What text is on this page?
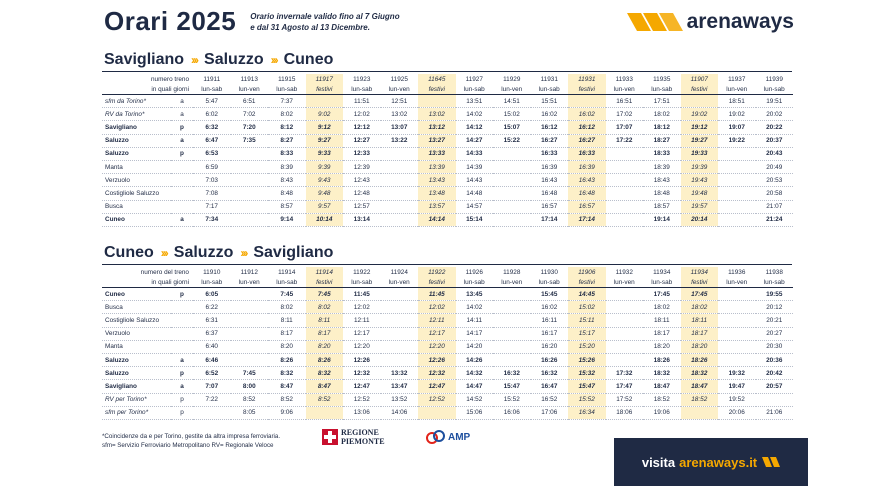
Orari 2025 Orario invernale valido fino al 7 Giugno
e dal 31 Agosto al 13 Dicembre.	arenaways
Savigliano ››› Saluzzo ››› Cuneo
numero treno		11911	11913	11915	11917	11923	11925	11645	11927	11929	11931	11931	11933	11935	11907	11937	11939
in quali giorni		lun-sab	lun-ven	lun-sab	festivi	lun-sab	lun-ven	festivi	lun-sab	lun-ven	lun-sab	festivi	lun-ven	lun-sab	festivi	lun-ven	lun-sab
sfm da Torino*	a	5:47	6:51	7:37		11:51	12:51		13:51	14:51	15:51		16:51	17:51		18:51	19:51
RV da Torino*	a	6:02	7:02	8:02	9:02	12:02	13:02	13:02	14:02	15:02	16:02	16:02	17:02	18:02	19:02	19:02	20:02
Savigliano	p	6:32	7:20	8:12	9:12	12:12	13:07	13:12	14:12	15:07	16:12	16:12	17:07	18:12	19:12	19:07	20:22
Saluzzo	a	6:47	7:35	8:27	9:27	12:27	13:22	13:27	14:27	15:22	16:27	16:27	17:22	18:27	19:27	19:22	20:37
Saluzzo	p	6:53		8:33	9:33	12:33		13:33	14:33		16:33	16:33		18:33	19:33		20:43
Manta		6:59		8:39	9:39	12:39		13:39	14:39		16:39	16:39		18:39	19:39		20:49
Verzuolo		7:03		8:43	9:43	12:43		13:43	14:43		16:43	16:43		18:43	19:43		20:53
Costigliole Saluzzo		7:08		8:48	9:48	12:48		13:48	14:48		16:48	16:48		18:48	19:48		20:58
Busca		7:17		8:57	9:57	12:57		13:57	14:57		16:57	16:57		18:57	19:57		21:07
Cuneo	a	7:34		9:14	10:14	13:14		14:14	15:14		17:14	17:14		19:14	20:14		21:24
Cuneo ››› Saluzzo ››› Savigliano
numero del treno		11910	11912	11914	11914	11922	11924	11922	11926	11928	11930	11906	11932	11934	11934	11936	11938
in quali giorni		lun-sab	lun-ven	lun-sab	festivi	lun-sab	lun-ven	festivi	lun-sab	lun-ven	lun-sab	festivi	lun-ven	lun-sab	festivi	lun-ven	lun-sab
Cuneo	p	6:05		7:45	7:45	11:45		11:45	13:45		15:45	14:45		17:45	17:45		19:55
Busca		6:22		8:02	8:02	12:02		12:02	14:02		16:02	15:02		18:02	18:02		20:12
Costigliole Saluzzo		6:31		8:11	8:11	12:11		12:11	14:11		16:11	15:11		18:11	18:11		20:21
Verzuolo		6:37		8:17	8:17	12:17		12:17	14:17		16:17	15:17		18:17	18:17		20:27
Manta		6:40		8:20	8:20	12:20		12:20	14:20		16:20	15:20		18:20	18:20		20:30
Saluzzo	a	6:46		8:26	8:26	12:26		12:26	14:26		16:26	15:26		18:26	18:26		20:36
Saluzzo	p	6:52	7:45	8:32	8:32	12:32	13:32	12:32	14:32	16:32	16:32	15:32	17:32	18:32	18:32	19:32	20:42
Savigliano	a	7:07	8:00	8:47	8:47	12:47	13:47	12:47	14:47	15:47	16:47	15:47	17:47	18:47	18:47	19:47	20:57
RV per Torino*	p	7:22	8:52	8:52	8:52	12:52	13:52	12:52	14:52	15:52	16:52	15:52	17:52	18:52	18:52	19:52	
sfm per Torino*	p		8:05	9:06		13:06	14:06		15:06	16:06	17:06	16:34	18:06	19:06		20:06	21:06
*Coincidenze da e per Torino, gestite da altra impresa ferroviaria.
sfm= Servizio Ferroviario Metropolitano RV= Regionale Veloce
REGIONE
PIEMONTE	AMP
visita arenaways.it
